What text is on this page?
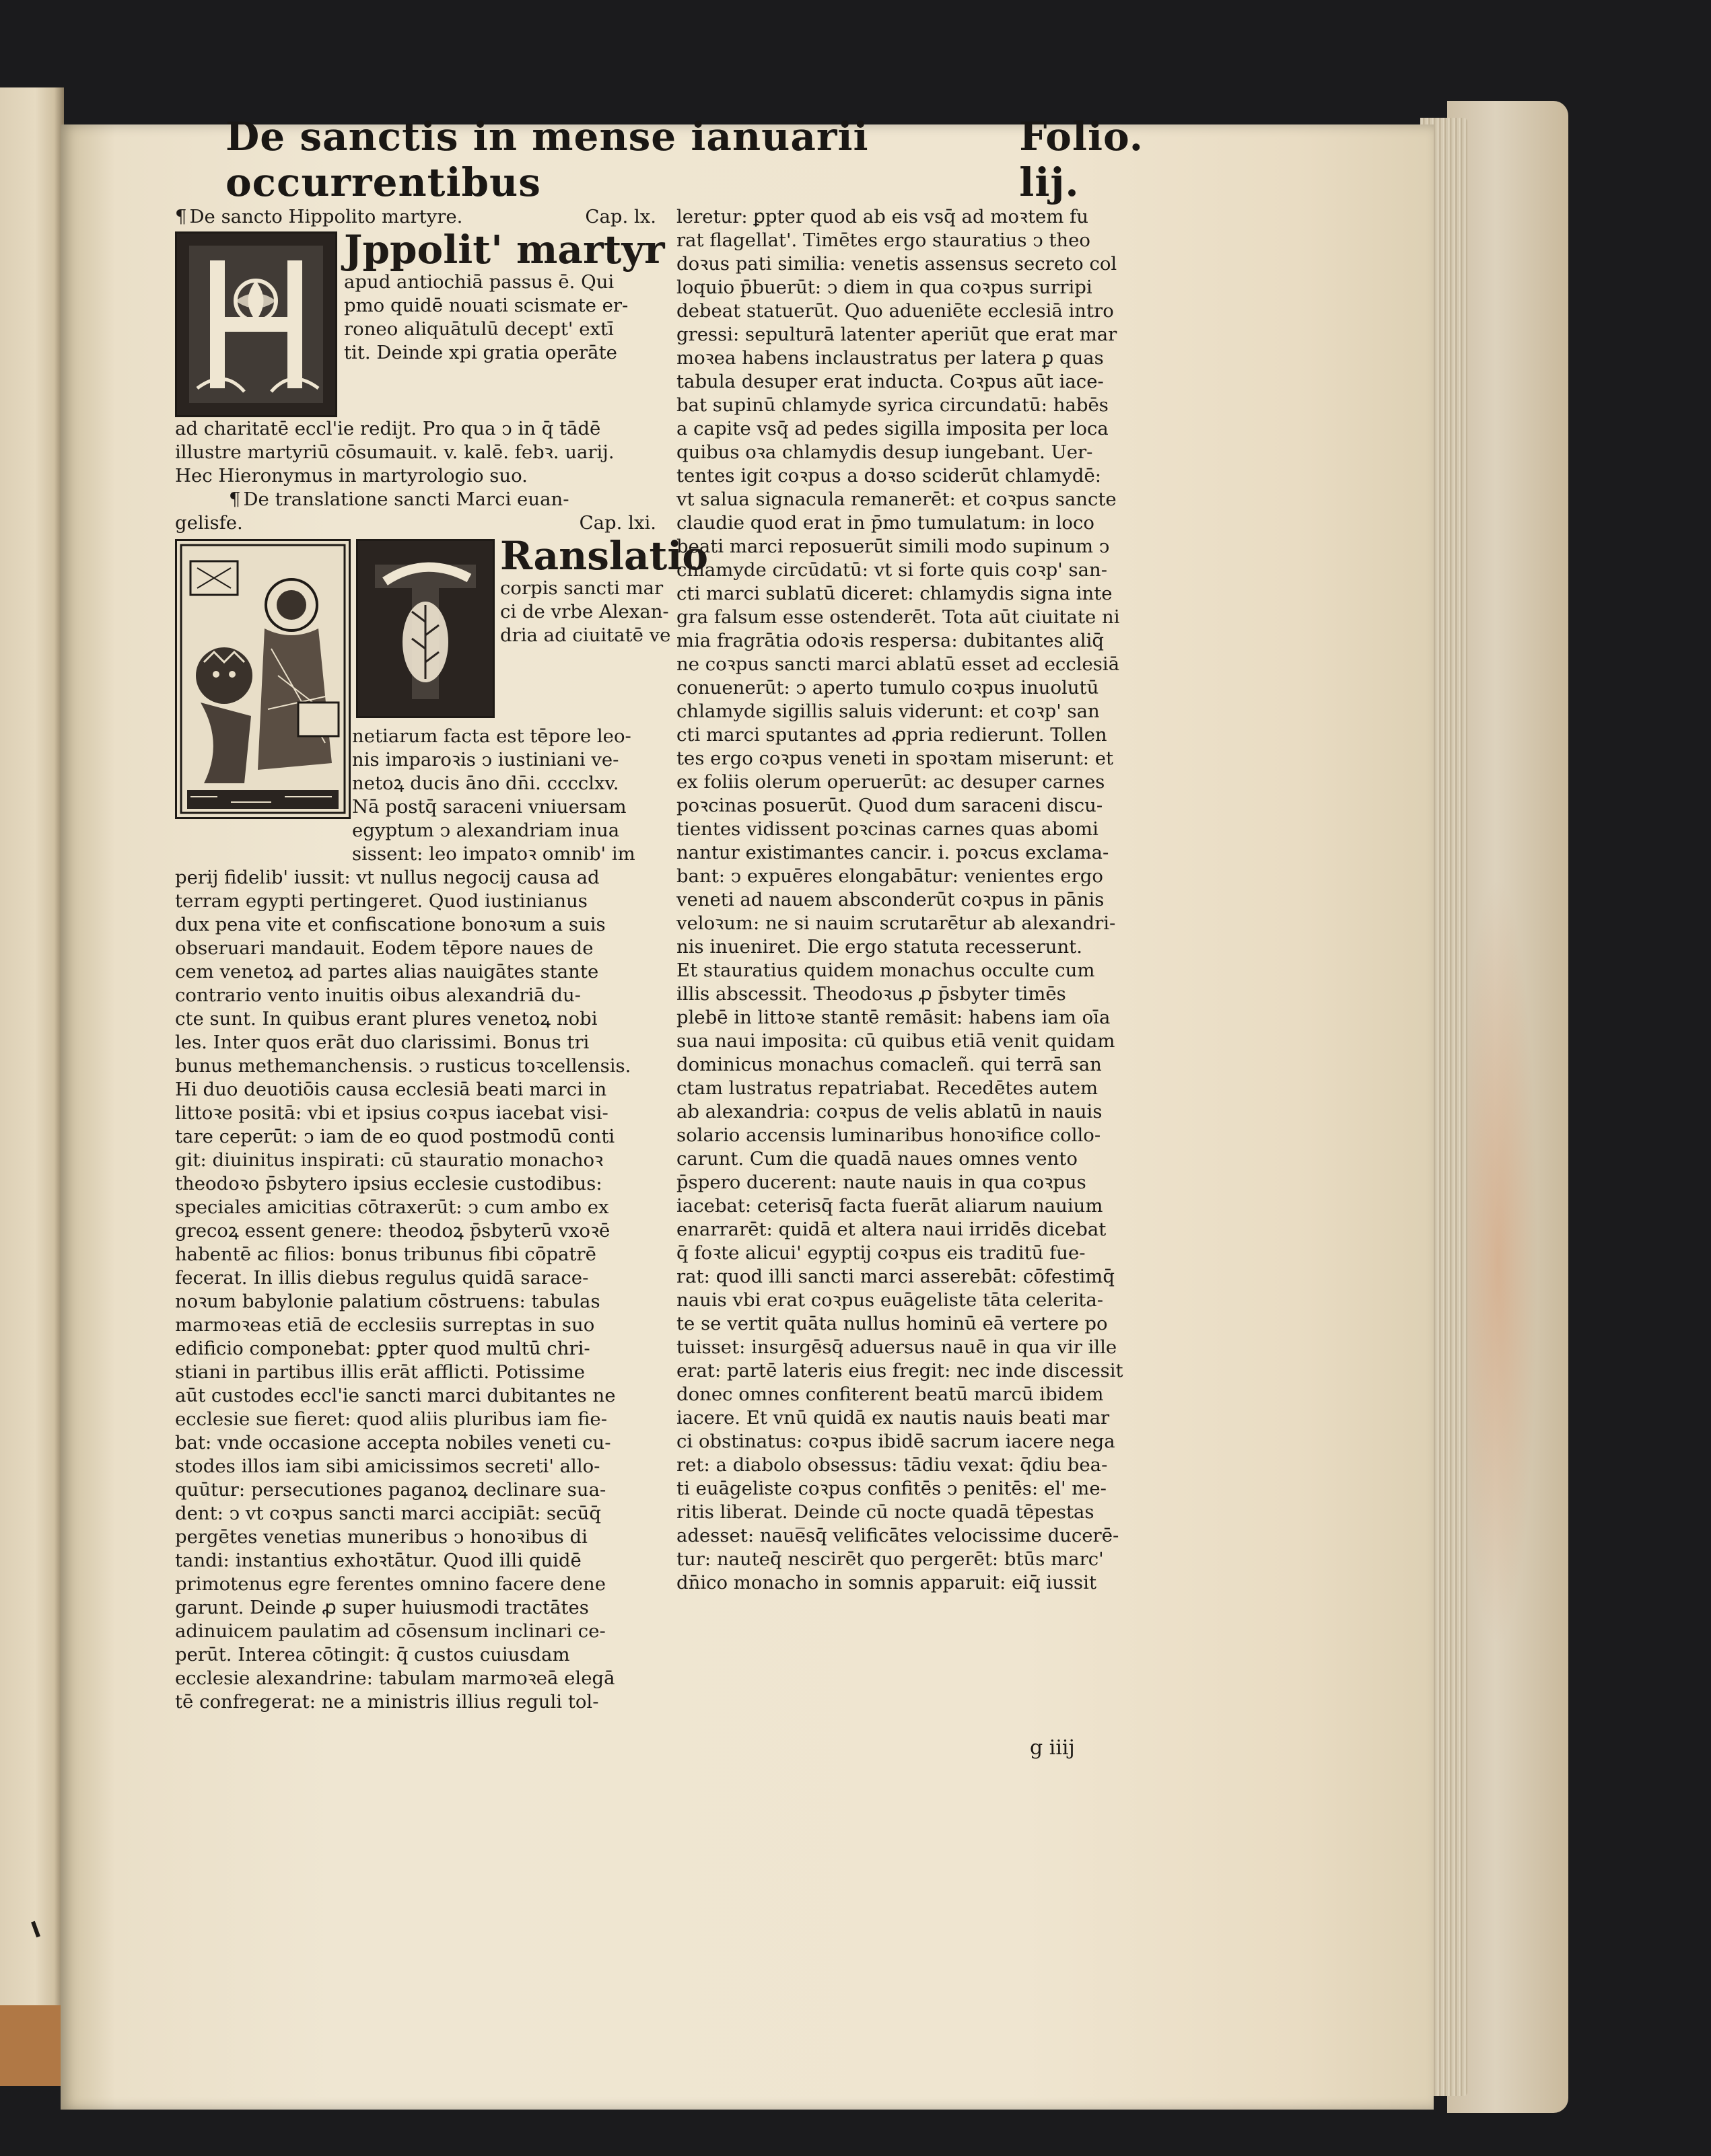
De sanctis in mense ianuarii occurrentibus
Folio. lij.
¶ De sancto Hippolito martyre.	Cap. lx.
Jppolit' martyr
apud antiochiā passus ē. Qui
pmo quidē nouati scismate er-
roneo aliquātulū decept' extī
tit. Deinde xpi gratia operāte
ad charitatē eccl'ie redijt. Pro qua ↄ in q̄ tādē
illustre martyriū cōsumauit. v. kalē. febꝛ. uarij.
Hec Hieronymus in martyrologio suo.
¶ De translatione sancti Marci euan-
gelisfe.	Cap. lxi.
Ranslatio
corpis sancti mar
ci de vrbe Alexan-
dria ad ciuitatē ve
netiarum facta est tēpore leo-
nis imparoꝛis ↄ iustiniani ve-
netoꝝ ducis āno dn̄i. cccclxv.
Nā postq̄ saraceni vniuersam
egyptum ↄ alexandriam inua
sissent: leo impatoꝛ omnib' im
perij fidelib' iussit: vt nullus negocij causa ad
terram egypti pertingeret. Quod iustinianus
dux pena vite et confiscatione bonoꝛum a suis
obseruari mandauit. Eodem tēpore naues de
cem venetoꝝ ad partes alias nauigātes stante
contrario vento inuitis oibus alexandriā du-
cte sunt. In quibus erant plures venetoꝝ nobi
les. Inter quos erāt duo clarissimi. Bonus tri
bunus methemanchensis. ↄ rusticus toꝛcellensis.
Hi duo deuotiōis causa ecclesiā beati marci in
littoꝛe positā: vbi et ipsius coꝛpus iacebat visi-
tare ceperūt: ↄ iam de eo quod postmodū conti
git: diuinitus inspirati: cū stauratio monachoꝛ
theodoꝛo p̄sbytero ipsius ecclesie custodibus:
speciales amicitias cōtraxerūt: ↄ cum ambo ex
grecoꝝ essent genere: theodoꝝ p̄sbyterū vxoꝛē
habentē ac filios: bonus tribunus fibi cōpatrē
fecerat. In illis diebus regulus quidā sarace-
noꝛum babylonie palatium cōstruens: tabulas
marmoꝛeas etiā de ecclesiis surreptas in suo
edificio componebat: ꝑpter quod multū chri-
stiani in partibus illis erāt afflicti. Potissime
aūt custodes eccl'ie sancti marci dubitantes ne
ecclesie sue fieret: quod aliis pluribus iam fie-
bat: vnde occasione accepta nobiles veneti cu-
stodes illos iam sibi amicissimos secreti' allo-
quūtur: persecutiones paganoꝝ declinare sua-
dent: ↄ vt coꝛpus sancti marci accipiāt: secūq̄
pergētes venetias muneribus ↄ honoꝛibus di
tandi: instantius exhoꝛtātur. Quod illi quidē
primotenus egre ferentes omnino facere dene
garunt. Deinde ꝓ super huiusmodi tractātes
adinuicem paulatim ad cōsensum inclinari ce-
perūt. Interea cōtingit: q̄ custos cuiusdam
ecclesie alexandrine: tabulam marmoꝛeā elegā
tē confregerat: ne a ministris illius reguli tol-
leretur: ꝑpter quod ab eis vsq̄ ad moꝛtem fu
rat flagellat'. Timētes ergo stauratius ↄ theo
doꝛus pati similia: venetis assensus secreto col
loquio p̄buerūt: ↄ diem in qua coꝛpus surripi
debeat statuerūt. Quo adueniēte ecclesiā intro
gressi: sepulturā latenter aperiūt que erat mar
moꝛea habens inclaustratus per latera ꝑ quas
tabula desuper erat inducta. Coꝛpus aūt iace-
bat supinū chlamyde syrica circundatū: habēs
a capite vsq̄ ad pedes sigilla imposita per loca
quibus oꝛa chlamydis desup iungebant. Uer-
tentes igit coꝛpus a doꝛso sciderūt chlamydē:
vt salua signacula remanerēt: et coꝛpus sancte
claudie quod erat in p̄mo tumulatum: in loco
beati marci reposuerūt simili modo supinum ↄ
chlamyde circūdatū: vt si forte quis coꝛp' san-
cti marci sublatū diceret: chlamydis signa inte
gra falsum esse ostenderēt. Tota aūt ciuitate ni
mia fragrātia odoꝛis respersa: dubitantes aliq̄
ne coꝛpus sancti marci ablatū esset ad ecclesiā
conuenerūt: ↄ aperto tumulo coꝛpus inuolutū
chlamyde sigillis saluis viderunt: et coꝛp' san
cti marci sputantes ad ꝓpria redierunt. Tollen
tes ergo coꝛpus veneti in spoꝛtam miserunt: et
ex foliis olerum operuerūt: ac desuper carnes
poꝛcinas posuerūt. Quod dum saraceni discu-
tientes vidissent poꝛcinas carnes quas abomi
nantur existimantes cancir. i. poꝛcus exclama-
bant: ↄ expuēres elongabātur: venientes ergo
veneti ad nauem absconderūt coꝛpus in pānis
veloꝛum: ne si nauim scrutarētur ab alexandri-
nis inueniret. Die ergo statuta recesserunt.
Et stauratius quidem monachus occulte cum
illis abscessit. Theodoꝛus ꝓ p̄sbyter timēs
plebē in littoꝛe stantē remāsit: habens iam oīa
sua naui imposita: cū quibus etiā venit quidam
dominicus monachus comacleñ. qui terrā san
ctam lustratus repatriabat. Recedētes autem
ab alexandria: coꝛpus de velis ablatū in nauis
solario accensis luminaribus honoꝛifice collo-
carunt. Cum die quadā naues omnes vento
p̄spero ducerent: naute nauis in qua coꝛpus
iacebat: ceterisq̄ facta fuerāt aliarum nauium
enarrarēt: quidā et altera naui irridēs dicebat
q̄ foꝛte alicui' egyptij coꝛpus eis traditū fue-
rat: quod illi sancti marci asserebāt: cōfestimq̄
nauis vbi erat coꝛpus euāgeliste tāta celerita-
te se vertit quāta nullus hominū eā vertere po
tuisset: insurgēsq̄ aduersus nauē in qua vir ille
erat: partē lateris eius fregit: nec inde discessit
donec omnes confiterent beatū marcū ibidem
iacere. Et vnū quidā ex nautis nauis beati mar
ci obstinatus: coꝛpus ibidē sacrum iacere nega
ret: a diabolo obsessus: tādiu vexat: q̄diu bea-
ti euāgeliste coꝛpus confitēs ↄ penitēs: el' me-
ritis liberat. Deinde cū nocte quadā tēpestas
adesset: naue̅sq̄ velificātes velocissime ducerē-
tur: nauteq̄ nescirēt quo pergerēt: btūs marc'
dn̄ico monacho in somnis apparuit: eiq̄ iussit
g iiij
